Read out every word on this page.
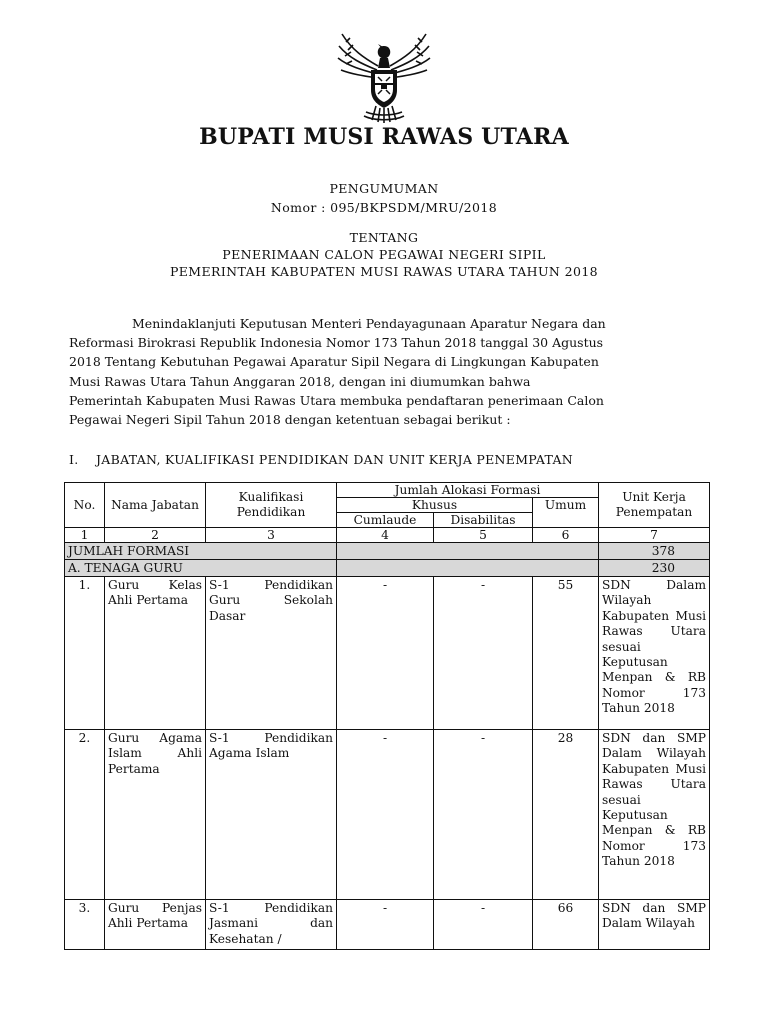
BUPATI MUSI RAWAS UTARA
PENGUMUMAN
Nomor : 095/BKPSDM/MRU/2018
TENTANG
PENERIMAAN CALON PEGAWAI NEGERI SIPIL
PEMERINTAH KABUPATEN MUSI RAWAS UTARA TAHUN 2018
Menindaklanjuti Keputusan Menteri Pendayagunaan Aparatur Negara dan
Reformasi Birokrasi Republik Indonesia Nomor 173 Tahun 2018 tanggal 30 Agustus
2018 Tentang Kebutuhan Pegawai Aparatur Sipil Negara di Lingkungan Kabupaten
Musi Rawas Utara Tahun Anggaran 2018, dengan ini diumumkan bahwa
Pemerintah Kabupaten Musi Rawas Utara membuka pendaftaran penerimaan Calon
Pegawai Negeri Sipil Tahun 2018 dengan ketentuan sebagai berikut :
I. JABATAN, KUALIFIKASI PENDIDIKAN DAN UNIT KERJA PENEMPATAN
No.	Nama Jabatan	Kualifikasi Pendidikan	Jumlah Alokasi Formasi			Unit Kerja Penempatan
			Khusus		Umum	
			Cumlaude	Disabilitas		
1	2	3	4	5	6	7
JUMLAH FORMASI						378
A. TENAGA GURU						230
1.	Guru Kelas Ahli Pertama	S-1 Pendidikan Guru Sekolah Dasar	-	-	55	SDN Dalam Wilayah Kabupaten Musi Rawas Utara sesuai Keputusan Menpan & RB Nomor 173 Tahun 2018
2.	Guru Agama Islam Ahli Pertama	S-1 Pendidikan Agama Islam	-	-	28	SDN dan SMP Dalam Wilayah Kabupaten Musi Rawas Utara sesuai Keputusan Menpan & RB Nomor 173 Tahun 2018
3.	Guru Penjas Ahli Pertama	S-1 Pendidikan Jasmani dan Kesehatan /	-	-	66	SDN dan SMP Dalam Wilayah
